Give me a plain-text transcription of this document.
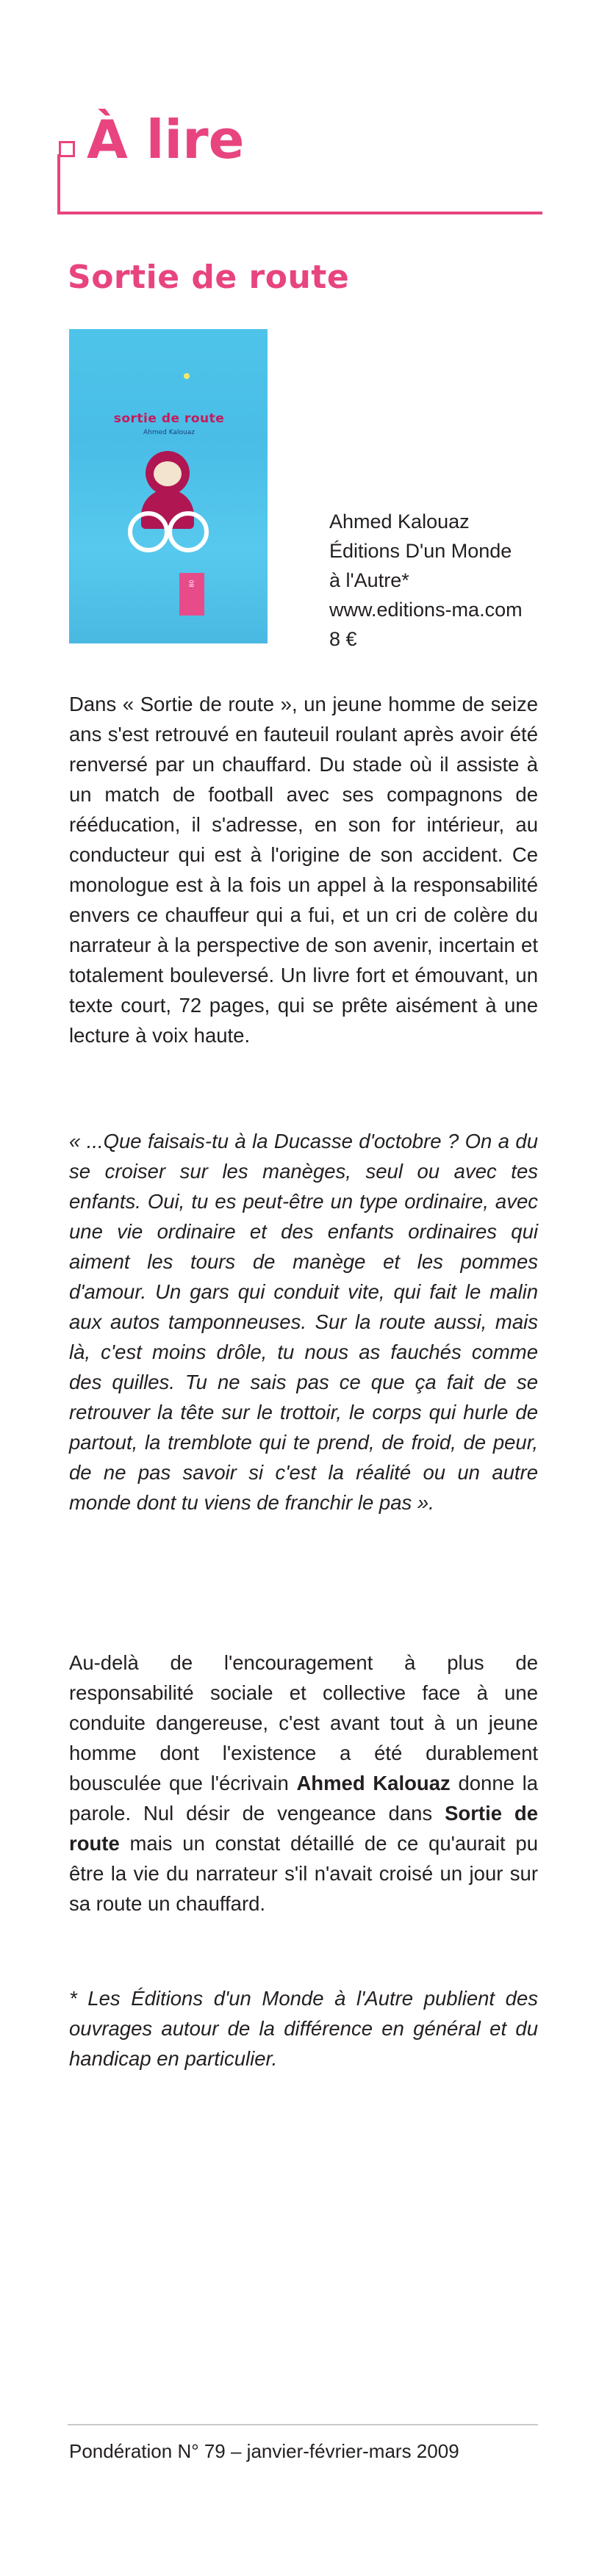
À lire
Sortie de route
sortie de route
Ahmed Kalouaz
80
Ahmed Kalouaz
Éditions D'un Monde
à l'Autre*
www.editions-ma.com
8 €

Dans « Sortie de route », un jeune homme de seize ans s'est retrouvé en fauteuil roulant après avoir été renversé par un chauffard. Du stade où il assiste à un match de football avec ses compagnons de rééducation, il s'adresse, en son for intérieur, au conducteur qui est à l'origine de son accident. Ce monologue est à la fois un appel à la responsabilité envers ce chauffeur qui a fui, et un cri de colère du narrateur à la perspective de son avenir, incertain et totalement bouleversé. Un livre fort et émouvant, un texte court, 72 pages, qui se prête aisément à une lecture à voix haute.

« ...Que faisais-tu à la Ducasse d'octobre ? On a du se croiser sur les manèges, seul ou avec tes enfants. Oui, tu es peut-être un type ordinaire, avec une vie ordinaire et des enfants ordinaires qui aiment les tours de manège et les pommes d'amour. Un gars qui conduit vite, qui fait le malin aux autos tamponneuses. Sur la route aussi, mais là, c'est moins drôle, tu nous as fauchés comme des quilles. Tu ne sais pas ce que ça fait de se retrouver la tête sur le trottoir, le corps qui hurle de partout, la tremblote qui te prend, de froid, de peur, de ne pas savoir si c'est la réalité ou un autre monde dont tu viens de franchir le pas ».

Au-delà de l'encouragement à plus de responsabilité sociale et collective face à une conduite dangereuse, c'est avant tout à un jeune homme dont l'existence a été durablement bousculée que l'écrivain Ahmed Kalouaz donne la parole. Nul désir de vengeance dans Sortie de route mais un constat détaillé de ce qu'aurait pu être la vie du narrateur s'il n'avait croisé un jour sur sa route un chauffard.

* Les Éditions d'un Monde à l'Autre publient des ouvrages autour de la différence en général et du handicap en particulier.

Pondération N° 79 – janvier-février-mars 2009
